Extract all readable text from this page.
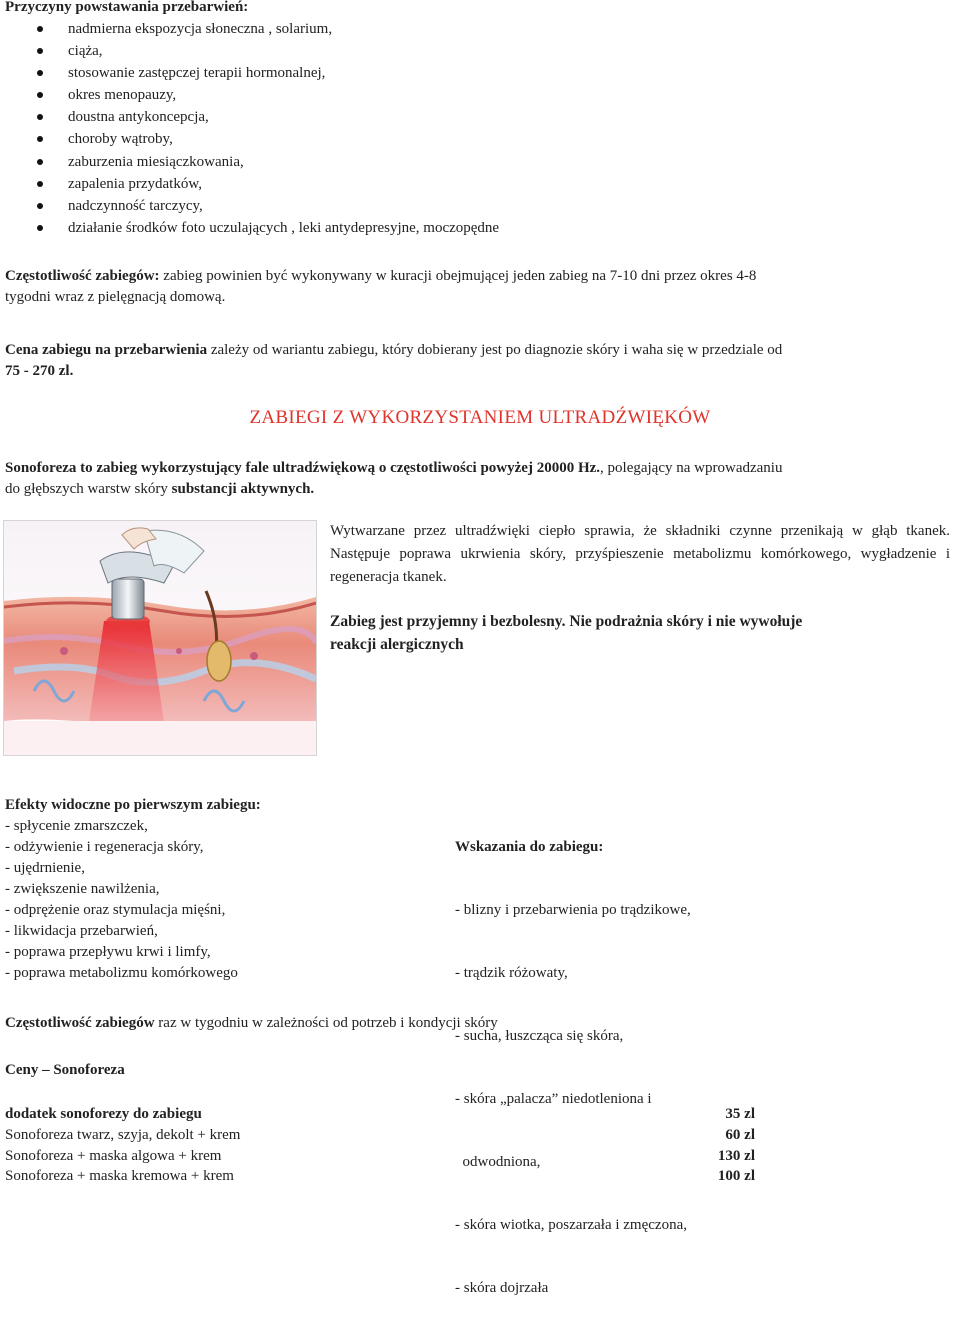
Przyczyny powstawania przebarwień:
nadmierna ekspozycja słoneczna , solarium,
ciąża,
stosowanie zastępczej terapii hormonalnej,
okres menopauzy,
doustna antykoncepcja,
choroby wątroby,
zaburzenia miesiączkowania,
zapalenia przydatków,
nadczynność tarczycy,
działanie środków foto uczulających , leki antydepresyjne, moczopędne
Częstotliwość zabiegów: zabieg powinien być wykonywany w kuracji obejmującej jeden zabieg na 7-10 dni przez okres 4-8
tygodni wraz z pielęgnacją domową.
Cena zabiegu na przebarwienia zależy od wariantu zabiegu, który dobierany jest po diagnozie skóry i waha się w przedziale od
75 - 270 zl.
ZABIEGI Z WYKORZYSTANIEM ULTRADŹWIĘKÓW
Sonoforeza to zabieg wykorzystujący fale ultradźwiękową o częstotliwości powyżej 20000 Hz., polegający na wprowadzaniu
do głębszych warstw skóry substancji aktywnych.
Wytwarzane przez ultradźwięki ciepło sprawia, że składniki czynne przenikają w głąb tkanek. Następuje poprawa ukrwienia skóry, przyśpieszenie metabolizmu komórkowego, wygładzenie i regeneracja tkanek.
Zabieg jest przyjemny i bezbolesny. Nie podrażnia skóry i nie wywołuje
reakcji alergicznych
Efekty widoczne po pierwszym zabiegu:
- spłycenie zmarszczek,
- odżywienie i regeneracja skóry,
- ujędrnienie,
- zwiększenie nawilżenia,
- odprężenie oraz stymulacja mięśni,
- likwidacja przebarwień,
- poprawa przepływu krwi i limfy,
- poprawa metabolizmu komórkowego

Wskazania do zabiegu:

- blizny i przebarwienia po trądzikowe,

- trądzik różowaty,

- sucha, łuszcząca się skóra,

- skóra „palacza” niedotleniona i

odwodniona,

- skóra wiotka, poszarzała i zmęczona,

- skóra dojrzała

Częstotliwość zabiegów raz w tygodniu w zależności od potrzeb i kondycji skóry
Ceny – Sonoforeza
dodatek sonoforezy do zabiegu	35 zl
Sonoforeza twarz, szyja, dekolt + krem	60 zl
Sonoforeza + maska algowa + krem	130 zl
Sonoforeza + maska kremowa + krem	100 zl
